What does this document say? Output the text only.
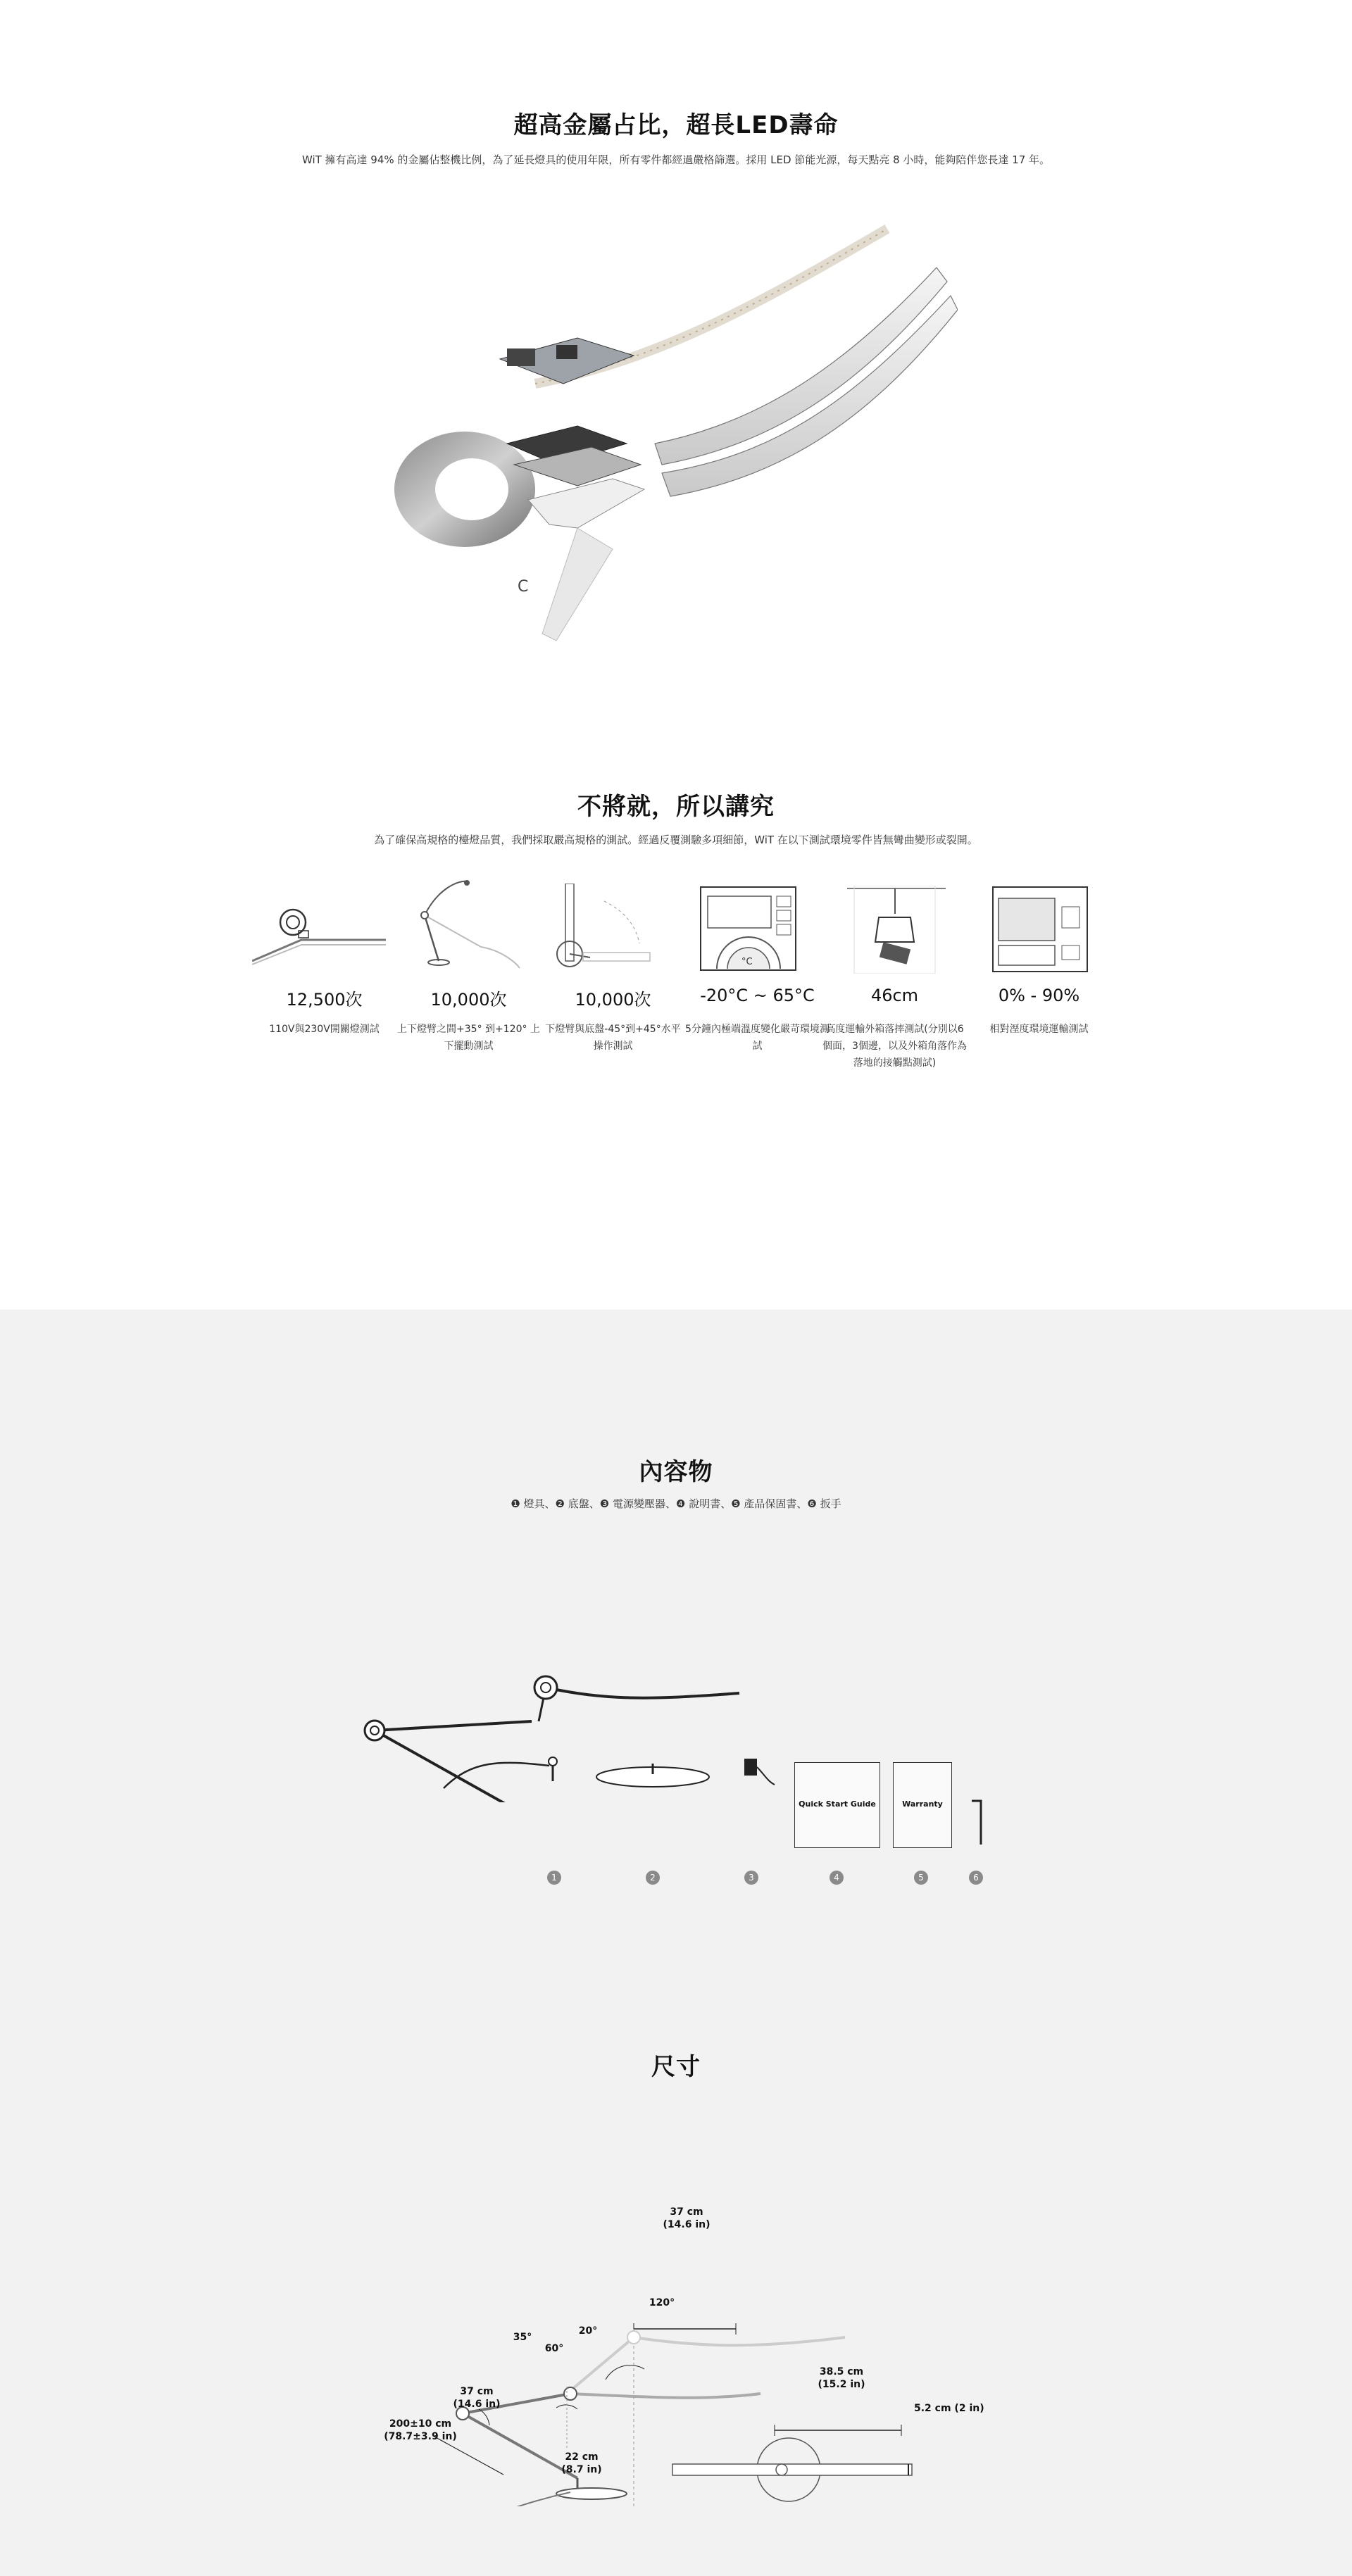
超高金屬占比，超長LED壽命
WiT 擁有高達 94% 的金屬佔整機比例，為了延長燈具的使用年限，所有零件都經過嚴格篩選。採用 LED 節能光源，每天點亮 8 小時，能夠陪伴您長達 17 年。
C
不將就，所以講究
為了確保高規格的檯燈品質，我們採取嚴高規格的測試。經過反覆測驗多項細節，WiT 在以下測試環境零件皆無彎曲變形或裂開。
12,500次
110V與230V開關燈測試
10,000次
上下燈臂之間+35° 到+120° 上下擺動測試
10,000次
下燈臂與底盤-45°到+45°水平操作測試
°C
-20°C ~ 65°C
5分鐘內極端溫度變化嚴苛環境測試
46cm
高度運輸外箱落摔測試(分別以6個面，3個邊，以及外箱角落作為落地的接觸點測試)
0% - 90%
相對溼度環境運輸測試
內容物
❶ 燈具、❷ 底盤、❸ 電源變壓器、❹ 說明書、❺ 產品保固書、❻ 扳手
Quick Start Guide	Warranty
1	2	3	4	5	6
尺寸
37 cm
(14.6 in)
120°
35°
20°
60°
37 cm
(14.6 in)
200±10 cm
(78.7±3.9 in)
22 cm
(8.7 in)
38.5 cm
(15.2 in)
5.2 cm (2 in)
